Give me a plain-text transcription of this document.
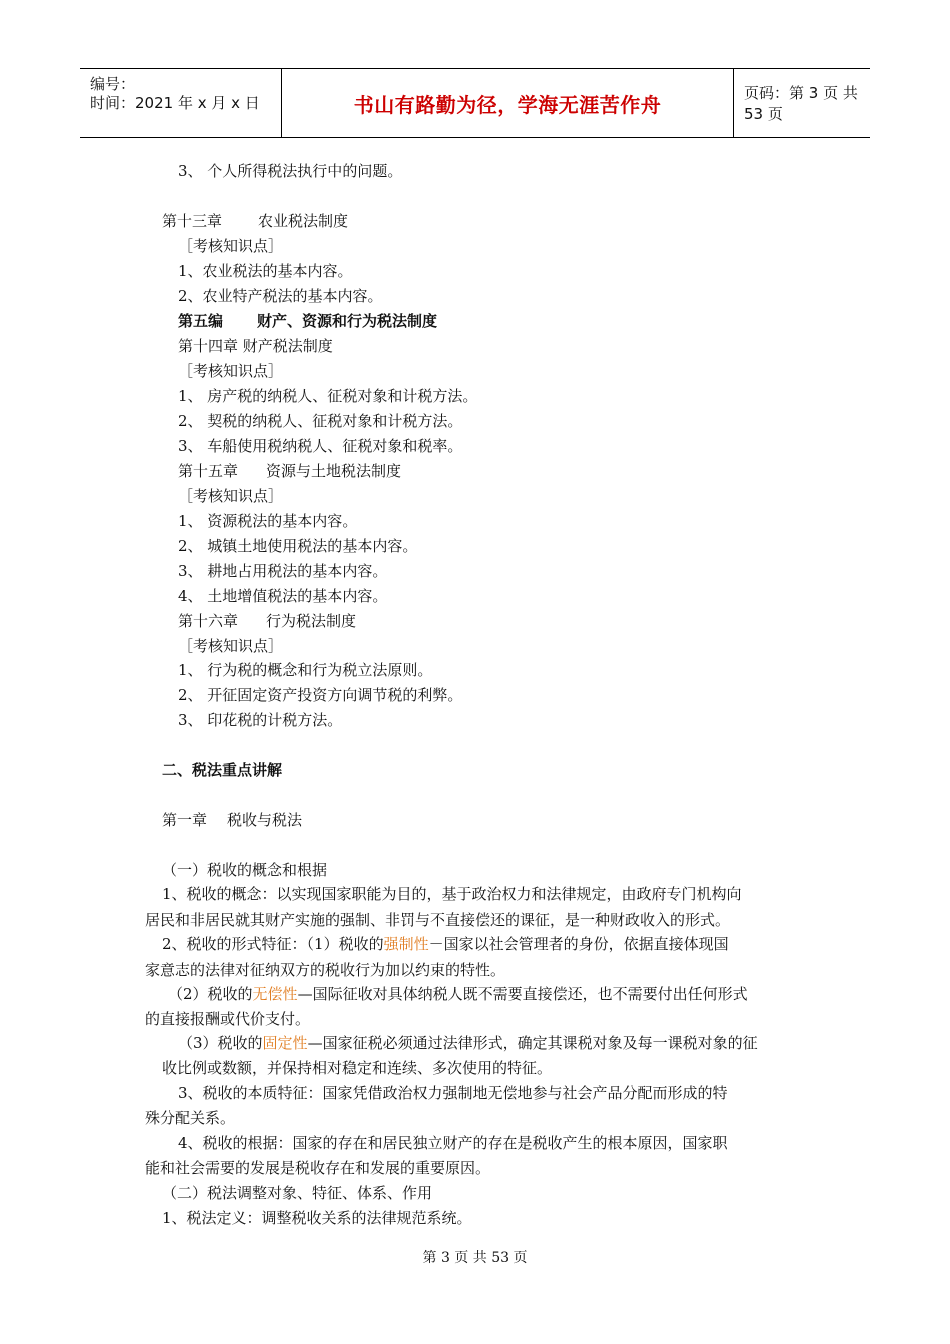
编号：
时间：2021 年 x 月 x 日	书山有路勤为径，学海无涯苦作舟	页码：第 3 页 共 53 页
3、 个人所得税法执行中的问题。
第十三章 农业税法制度
［考核知识点］
1、农业税法的基本内容。
2、农业特产税法的基本内容。
第五编 财产、资源和行为税法制度
第十四章 财产税法制度
［考核知识点］
1、 房产税的纳税人、征税对象和计税方法。
2、 契税的纳税人、征税对象和计税方法。
3、 车船使用税纳税人、征税对象和税率。
第十五章 资源与土地税法制度
［考核知识点］
1、 资源税法的基本内容。
2、 城镇土地使用税法的基本内容。
3、 耕地占用税法的基本内容。
4、 土地增值税法的基本内容。
第十六章 行为税法制度
［考核知识点］
1、 行为税的概念和行为税立法原则。
2、 开征固定资产投资方向调节税的利弊。
3、 印花税的计税方法。
二、税法重点讲解
第一章 税收与税法
（一）税收的概念和根据
1、税收的概念：以实现国家职能为目的，基于政治权力和法律规定，由政府专门机构向
居民和非居民就其财产实施的强制、非罚与不直接偿还的课征，是一种财政收入的形式。
2、税收的形式特征：（1）税收的强制性－国家以社会管理者的身份，依据直接体现国
家意志的法律对征纳双方的税收行为加以约束的特性。
（2）税收的无偿性—国际征收对具体纳税人既不需要直接偿还，也不需要付出任何形式
的直接报酬或代价支付。
（3）税收的固定性—国家征税必须通过法律形式，确定其课税对象及每一课税对象的征
收比例或数额，并保持相对稳定和连续、多次使用的特征。
3、税收的本质特征：国家凭借政治权力强制地无偿地参与社会产品分配而形成的特
殊分配关系。
4、税收的根据：国家的存在和居民独立财产的存在是税收产生的根本原因，国家职
能和社会需要的发展是税收存在和发展的重要原因。
（二）税法调整对象、特征、体系、作用
1、税法定义：调整税收关系的法律规范系统。
第 3 页 共 53 页
